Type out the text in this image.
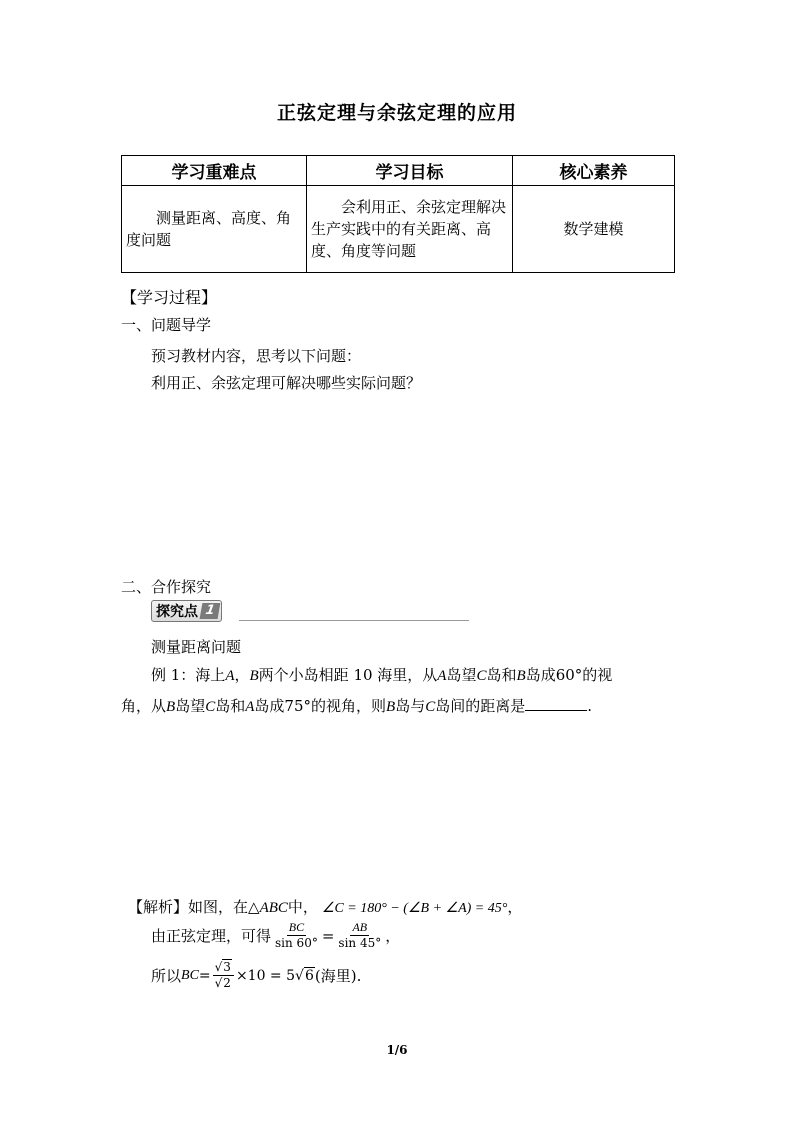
正弦定理与余弦定理的应用
学习重难点	学习目标	核心素养
测量距离、高度、角度问题	会利用正、余弦定理解决生产实践中的有关距离、高度、角度等问题	数学建模
【学习过程】
一、问题导学
预习教材内容，思考以下问题：
利用正、余弦定理可解决哪些实际问题？
二、合作探究
探究点 1
测量距离问题
例 1：海上A，B两个小岛相距 10 海里，从A岛望C岛和B岛成60°的视
角，从B岛望C岛和A岛成75°的视角，则B岛与C岛间的距离是	.
【解析】如图，在△ABC中， ∠C = 180° − (∠B + ∠A) = 45°，
由正弦定理，可得 $\frac{BC}{\sin 60^\circ} = \frac{AB}{\sin 45^\circ}$ ，
所以 BC = $\frac{√3}{√2} \times 10 = 5$ √6 (海里) .
1/6
